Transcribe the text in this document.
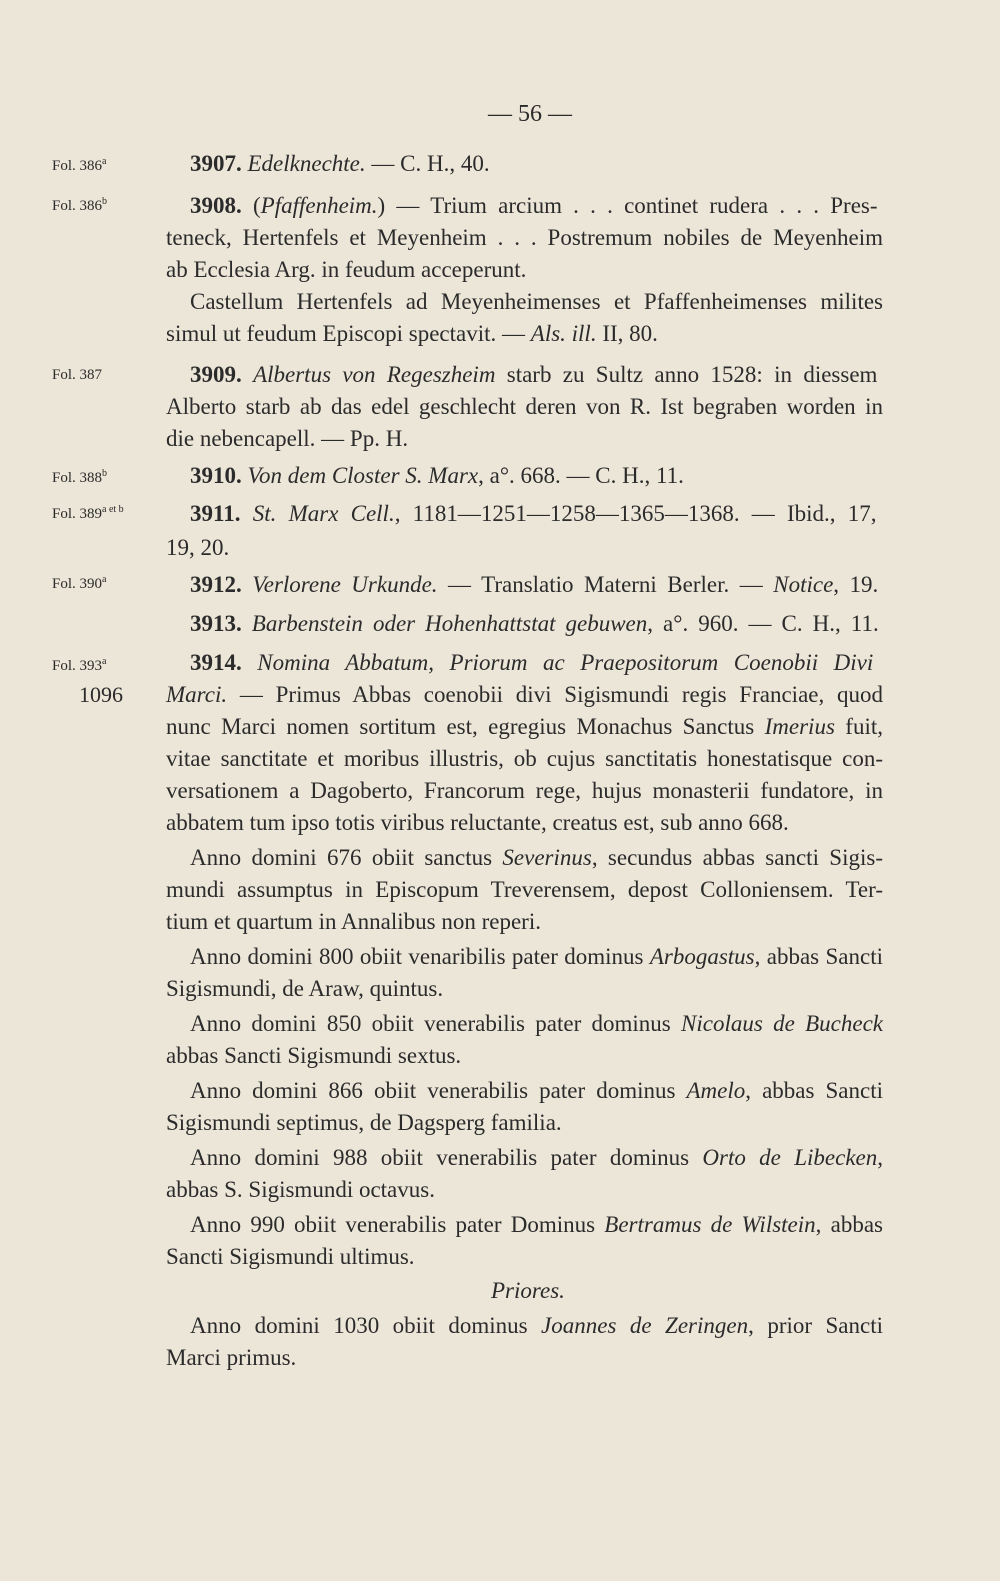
— 56 —
Fol. 386$^a$
Fol. 386$^b$
Fol. 387
Fol. 388$^b$
Fol. $389^{a et b}$
Fol. 390$^a$
Fol. 393$^a$
1096
3907. Edelknechte. — C. H., 40.
3908. (Pfaffenheim.) — Trium arcium . . . continet rudera . . . Pres-
teneck, Hertenfels et Meyenheim . . . Postremum nobiles de Meyenheim
ab Ecclesia Arg. in feudum acceperunt.
Castellum Hertenfels ad Meyenheimenses et Pfaffenheimenses milites
simul ut feudum Episcopi spectavit. — Als. ill. II, 80.
3909. Albertus von Regeszheim starb zu Sultz anno 1528: in diessem
Alberto starb ab das edel geschlecht deren von R. Ist begraben worden in
die nebencapell. — Pp. H.
3910. Von dem Closter S. Marx, a°. 668. — C. H., 11.
3911. St. Marx Cell., 1181—1251—1258—1365—1368. — Ibid., 17,
19, 20.
3912. Verlorene Urkunde. — Translatio Materni Berler. — Notice, 19.
3913. Barbenstein oder Hohenhattstat gebuwen, a°. 960. — C. H., 11.
3914. Nomina Abbatum, Priorum ac Praepositorum Coenobii Divi
Marci. — Primus Abbas coenobii divi Sigismundi regis Franciae, quod
nunc Marci nomen sortitum est, egregius Monachus Sanctus Imerius fuit,
vitae sanctitate et moribus illustris, ob cujus sanctitatis honestatisque con-
versationem a Dagoberto, Francorum rege, hujus monasterii fundatore, in
abbatem tum ipso totis viribus reluctante, creatus est, sub anno 668.
Anno domini 676 obiit sanctus Severinus, secundus abbas sancti Sigis-
mundi assumptus in Episcopum Treverensem, depost Colloniensem. Ter-
tium et quartum in Annalibus non reperi.
Anno domini 800 obiit venaribilis pater dominus Arbogastus, abbas Sancti
Sigismundi, de Araw, quintus.
Anno domini 850 obiit venerabilis pater dominus Nicolaus de Bucheck
abbas Sancti Sigismundi sextus.
Anno domini 866 obiit venerabilis pater dominus Amelo, abbas Sancti
Sigismundi septimus, de Dagsperg familia.
Anno domini 988 obiit venerabilis pater dominus Orto de Libecken,
abbas S. Sigismundi octavus.
Anno 990 obiit venerabilis pater Dominus Bertramus de Wilstein, abbas
Sancti Sigismundi ultimus.
Priores.
Anno domini 1030 obiit dominus Joannes de Zeringen, prior Sancti
Marci primus.
